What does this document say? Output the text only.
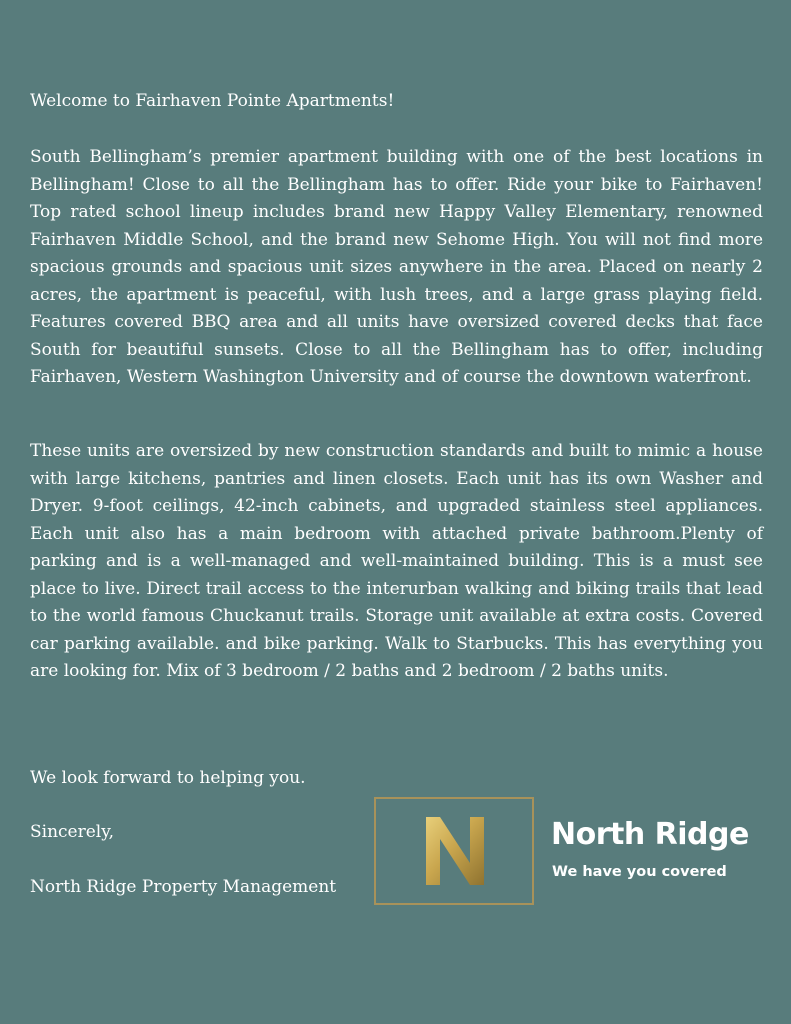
Welcome to Fairhaven Pointe Apartments!

South Bellingham’s premier apartment building with one of the best locations in Bellingham! Close to all the Bellingham has to offer. Ride your bike to Fairhaven! Top rated school lineup includes brand new Happy Valley Elementary, renowned Fairhaven Middle School, and the brand new Sehome High. You will not find more spacious grounds and spacious unit sizes anywhere in the area. Placed on nearly 2 acres, the apartment is peaceful, with lush trees, and a large grass playing field. Features covered BBQ area and all units have oversized covered decks that face South for beautiful sunsets. Close to all the Bellingham has to offer, including Fairhaven, Western Washington University and of course the downtown waterfront.

These units are oversized by new construction standards and built to mimic a house with large kitchens, pantries and linen closets. Each unit has its own Washer and Dryer. 9-foot ceilings, 42-inch cabinets, and upgraded stainless steel appliances. Each unit also has a main bedroom with attached private bathroom.Plenty of parking and is a well-managed and well-maintained building. This is a must see place to live. Direct trail access to the interurban walking and biking trails that lead to the world famous Chuckanut trails. Storage unit available at extra costs. Covered car parking available. and bike parking. Walk to Starbucks. This has everything you are looking for. Mix of 3 bedroom / 2 baths and 2 bedroom / 2 baths units.

We look forward to helping you.

Sincerely,

North Ridge Property Management

North Ridge

We have you covered
